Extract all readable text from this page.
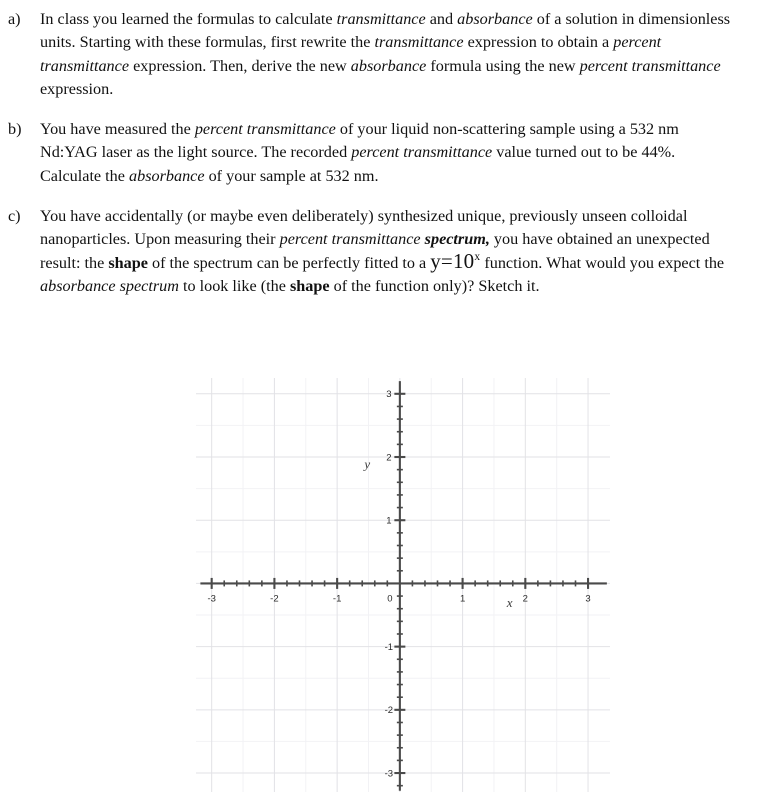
a) In class you learned the formulas to calculate transmittance and absorbance of a solution in dimensionless units. Starting with these formulas, first rewrite the transmittance expression to obtain a percent transmittance expression. Then, derive the new absorbance formula using the new percent transmittance expression.
b) You have measured the percent transmittance of your liquid non-scattering sample using a 532 nm Nd:YAG laser as the light source. The recorded percent transmittance value turned out to be 44%. Calculate the absorbance of your sample at 532 nm.
c) You have accidentally (or maybe even deliberately) synthesized unique, previously unseen colloidal nanoparticles. Upon measuring their percent transmittance spectrum, you have obtained an unexpected result: the shape of the spectrum can be perfectly fitted to a $y=10^x$ function. What would you expect the absorbance spectrum to look like (the shape of the function only)? Sketch it.
-3	-2	-1	0	1	2	3
-3
-2
-1
1
2
3
y
x
